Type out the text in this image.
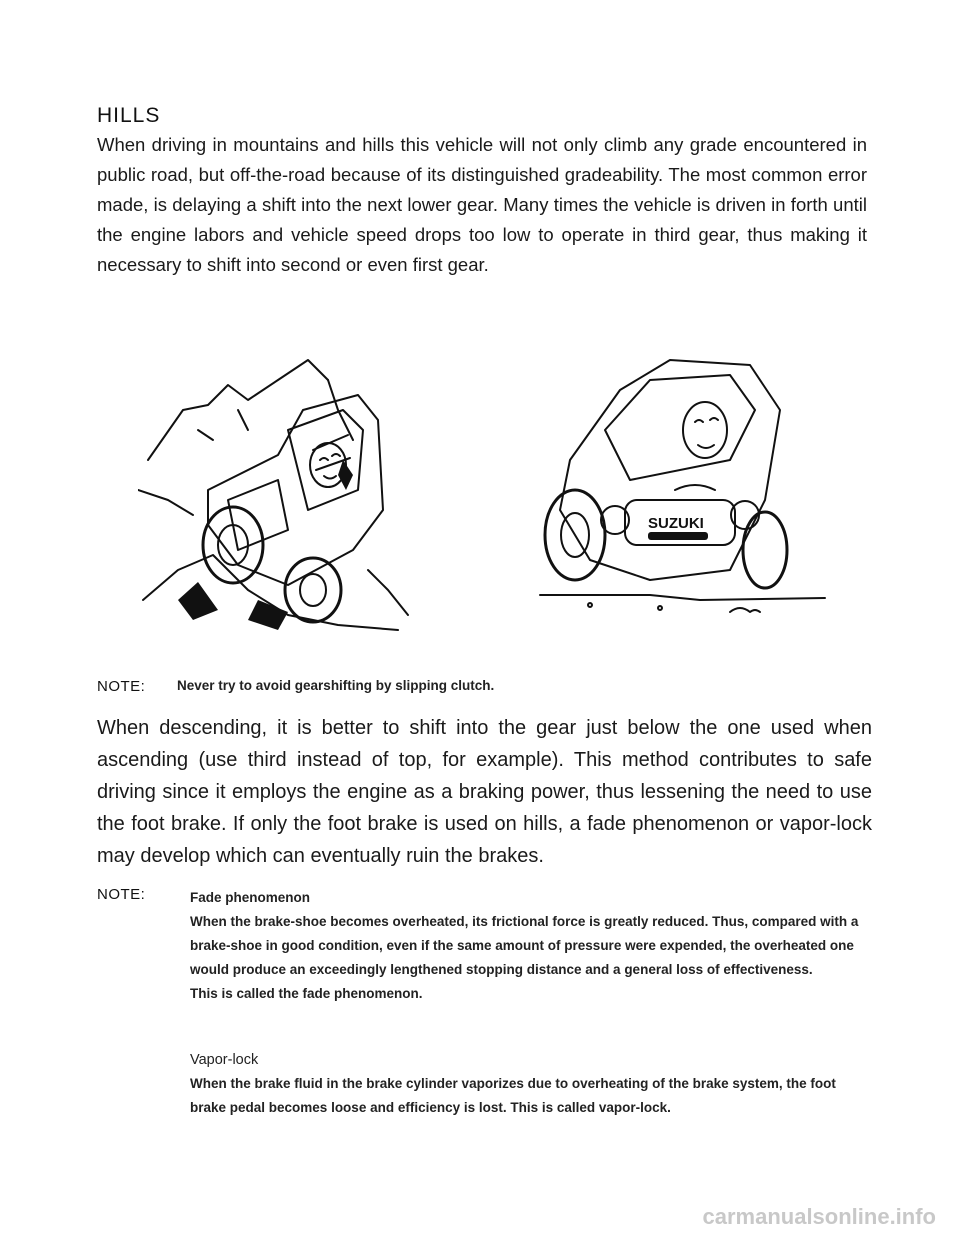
HILLS
When driving in mountains and hills this vehicle will not only climb any grade encountered in public road, but off-the-road because of its distinguished gradeability. The most common error made, is delaying a shift into the next lower gear. Many times the vehicle is driven in forth until the engine labors and vehicle speed drops too low to operate in third gear, thus making it necessary to shift into second or even first gear.
SUZUKI
NOTE:	Never try to avoid gearshifting by slipping clutch.
When descending, it is better to shift into the gear just below the one used when ascending (use third instead of top, for example). This method contributes to safe driving since it employs the engine as a braking power, thus lessening the need to use the foot brake. If only the foot brake is used on hills, a fade phenomenon or vapor-lock may develop which can eventually ruin the brakes.
NOTE:	Fade phenomenon
When the brake-shoe becomes overheated, its frictional force is greatly reduced. Thus, compared with a brake-shoe in good condition, even if the same amount of pressure were expended, the overheated one would produce an exceedingly lengthened stopping distance and a general loss of effectiveness.
This is called the fade phenomenon.
Vapor-lock
When the brake fluid in the brake cylinder vaporizes due to overheating of the brake system, the foot brake pedal becomes loose and efficiency is lost. This is called vapor-lock.
carmanualsonline.info
